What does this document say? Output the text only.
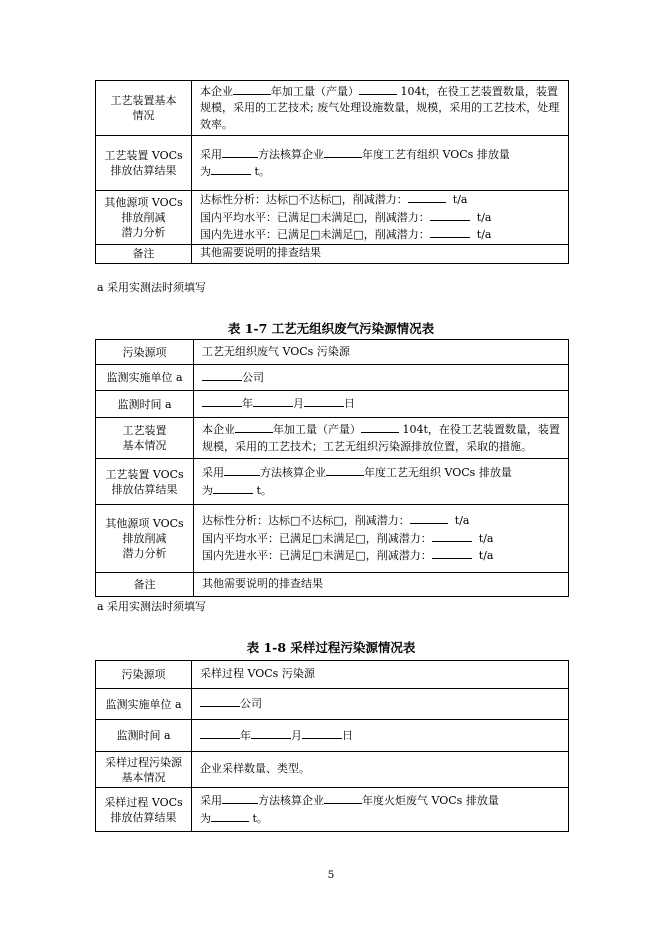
工艺装置基本
情况	本企业 年加工量（产量） 104t，在役工艺装置数量，装置规模，采用的工艺技术; 废气处理设施数量，规模，采用的工艺技术，处理效率。

工艺装置 VOCs
排放估算结果	采用 方法核算企业 年度工艺有组织 VOCs 排放量
为 t。

其他源项 VOCs
排放削减
潜力分析	达标性分析：达标□不达标□，削减潜力： t/a
国内平均水平：已满足□未满足□，削减潜力： t/a
国内先进水平：已满足□未满足□，削减潜力： t/a

备注	其他需要说明的排查结果
a 采用实测法时须填写
表 1-7 工艺无组织废气污染源情况表
污染源项	工艺无组织废气 VOCs 污染源
监测实施单位 a	公司
监测时间 a	年 月 日

工艺装置
基本情况	本企业 年加工量（产量） 104t，在役工艺装置数量，装置规模，采用的工艺技术；工艺无组织污染源排放位置，采取的措施。

工艺装置 VOCs
排放估算结果	采用 方法核算企业 年度工艺无组织 VOCs 排放量
为 t。

其他源项 VOCs
排放削减
潜力分析	达标性分析：达标□不达标□，削减潜力： t/a
国内平均水平：已满足□未满足□，削减潜力： t/a
国内先进水平：已满足□未满足□，削减潜力： t/a

备注	其他需要说明的排查结果
a 采用实测法时须填写
表 1-8 采样过程污染源情况表
污染源项	采样过程 VOCs 污染源
监测实施单位 a	公司
监测时间 a	年 月 日

采样过程污染源
基本情况	企业采样数量、类型。

采样过程 VOCs
排放估算结果	采用 方法核算企业 年度火炬废气 VOCs 排放量
为 t。
5
